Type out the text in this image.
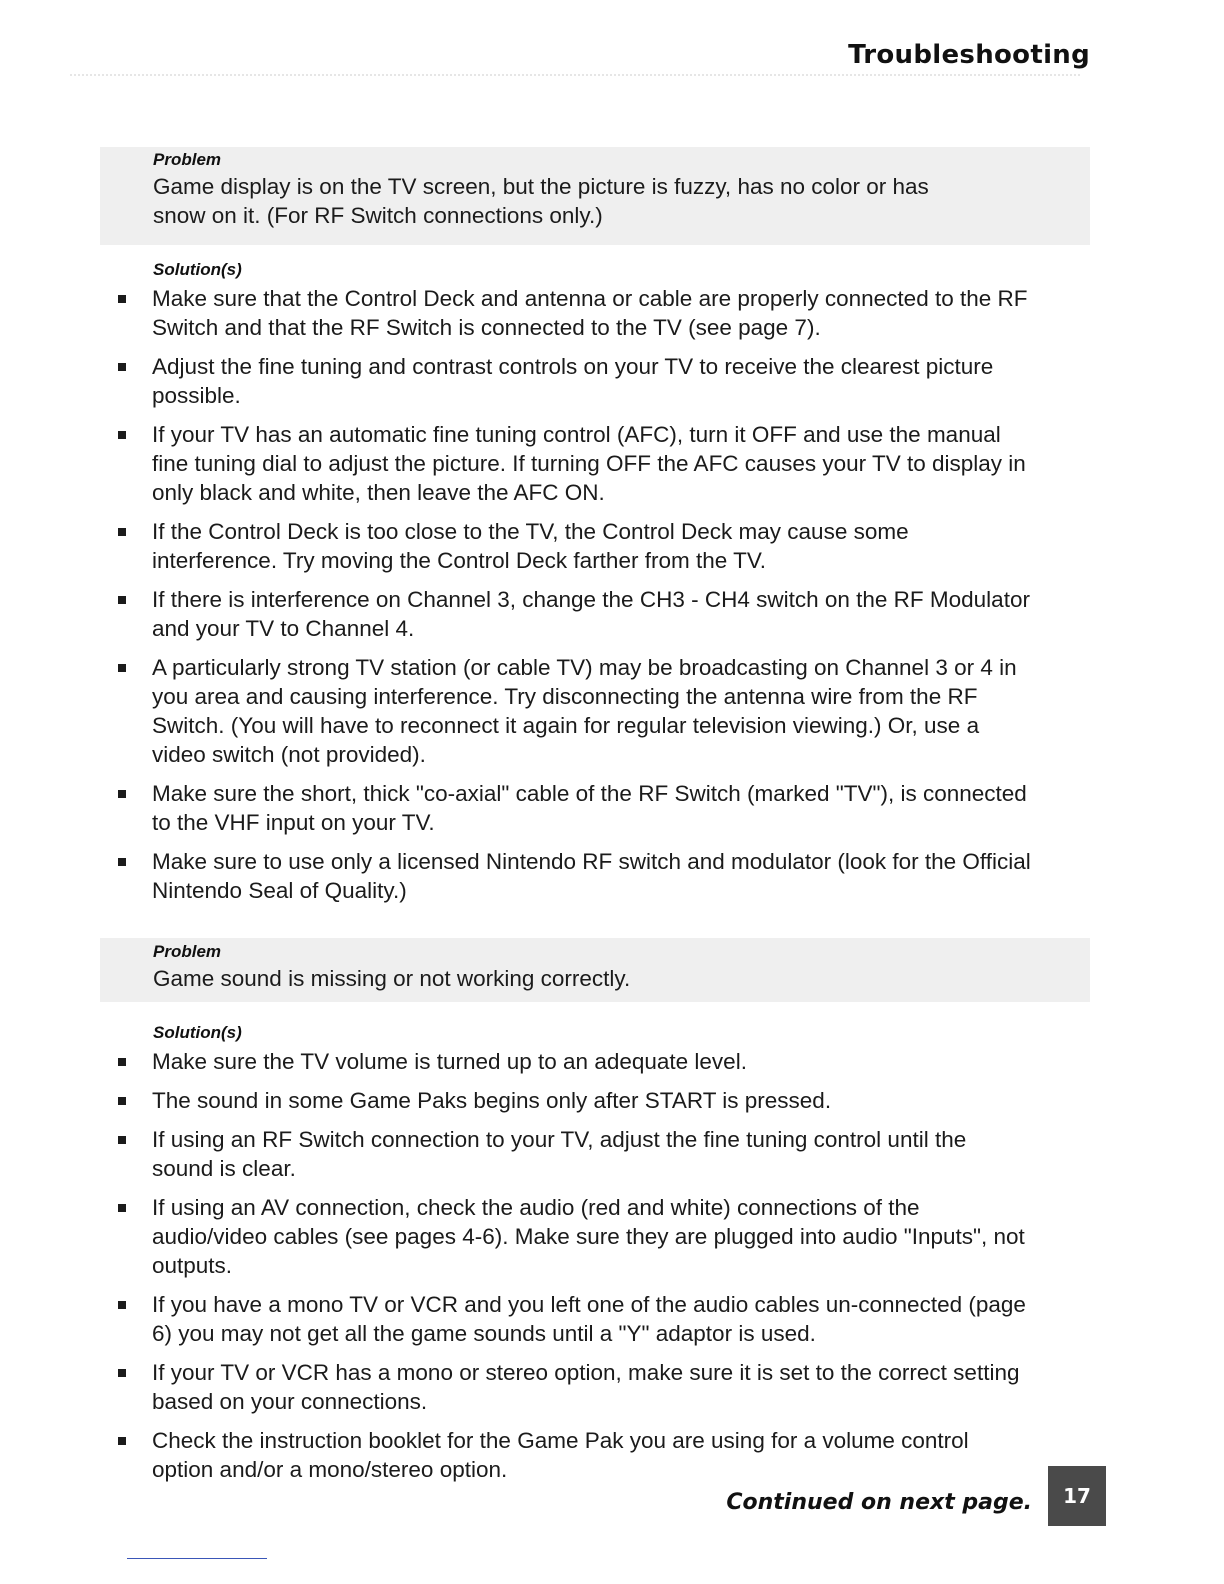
Troubleshooting
Problem
Game display is on the TV screen, but the picture is fuzzy, has no color or has snow on it. (For RF Switch connections only.)
Solution(s)
Make sure that the Control Deck and antenna or cable are properly connected to the RF Switch and that the RF Switch is connected to the TV (see page 7).
Adjust the fine tuning and contrast controls on your TV to receive the clearest picture possible.
If your TV has an automatic fine tuning control (AFC), turn it OFF and use the manual fine tuning dial to adjust the picture. If turning OFF the AFC causes your TV to display in only black and white, then leave the AFC ON.
If the Control Deck is too close to the TV, the Control Deck may cause some interference. Try moving the Control Deck farther from the TV.
If there is interference on Channel 3, change the CH3 - CH4 switch on the RF Modulator and your TV to Channel 4.
A particularly strong TV station (or cable TV) may be broadcasting on Channel 3 or 4 in you area and causing interference. Try disconnecting the antenna wire from the RF Switch. (You will have to reconnect it again for regular television viewing.) Or, use a video switch (not provided).
Make sure the short, thick "co-axial" cable of the RF Switch (marked "TV"), is connected to the VHF input on your TV.
Make sure to use only a licensed Nintendo RF switch and modulator (look for the Official Nintendo Seal of Quality.)
Problem
Game sound is missing or not working correctly.
Solution(s)
Make sure the TV volume is turned up to an adequate level.
The sound in some Game Paks begins only after START is pressed.
If using an RF Switch connection to your TV, adjust the fine tuning control until the sound is clear.
If using an AV connection, check the audio (red and white) connections of the audio/video cables (see pages 4-6). Make sure they are plugged into audio "Inputs", not outputs.
If you have a mono TV or VCR and you left one of the audio cables un-connected (page 6) you may not get all the game sounds until a "Y" adaptor is used.
If your TV or VCR has a mono or stereo option, make sure it is set to the correct setting based on your connections.
Check the instruction booklet for the Game Pak you are using for a volume control option and/or a mono/stereo option.
Continued on next page. 17
